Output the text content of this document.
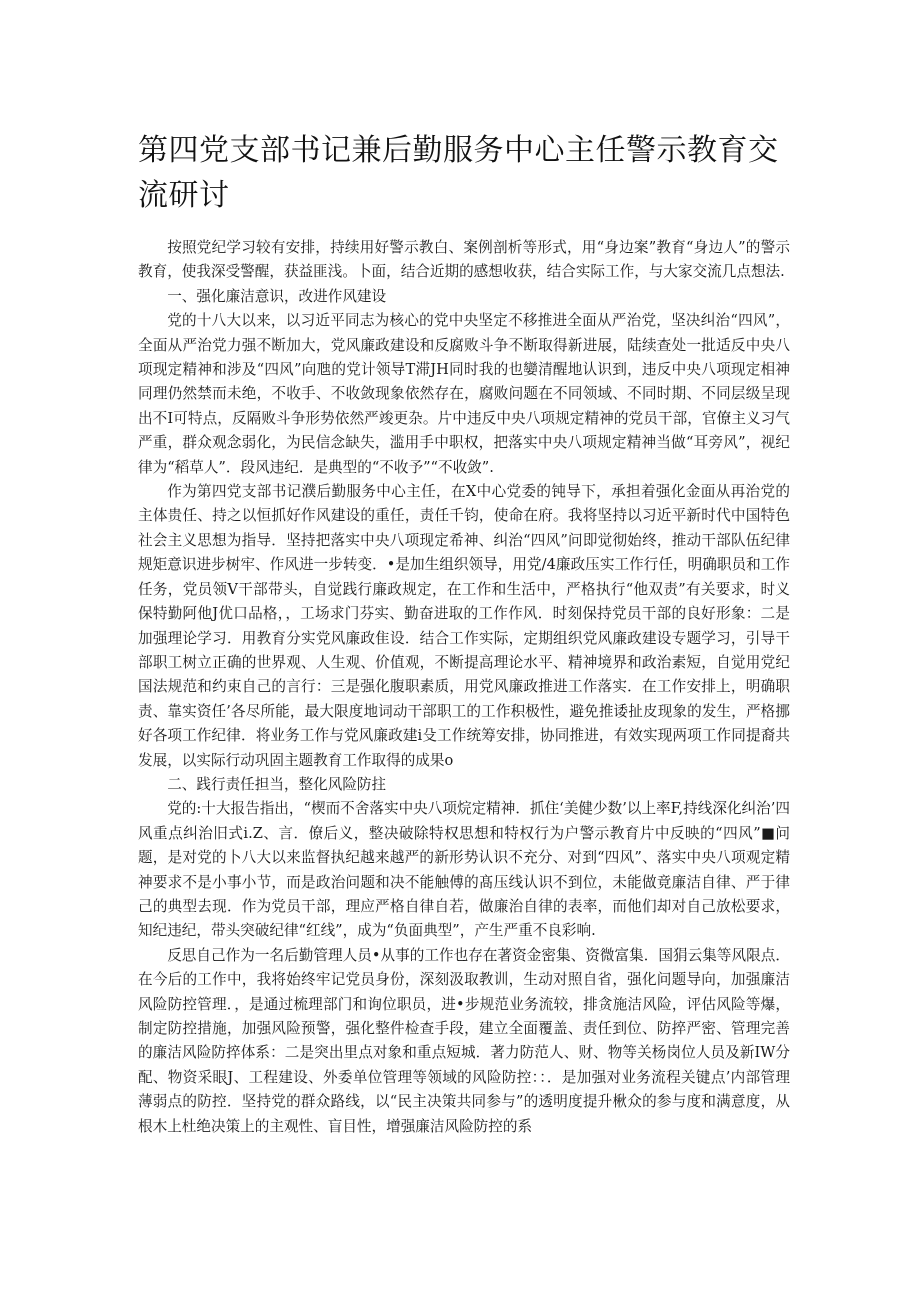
第四党支部书记兼后勤服务中心主任警示教育交流研讨

按照党纪学习较有安排，持续用好警示教白、案例剖析等形式，用“身边案”教育“身边人”的警示教育，使我深受警醒，获益匪浅。卜面，结合近期的感想收获，结合实际工作，与大家交流几点想法.

一、强化廉洁意识，改进作风建设

党的十八大以来，以习近平同志为核心的党中央坚定不移推进全面从严治党，坚决纠治“四风”，全面从严治党力强不断加大，党风廉政建设和反腐败斗争不断取得新进展，陆续查处一批适反中央八项现定精神和涉及“四风”向虺的党计领导T滞JH同时我的也孌清醒地认识到，违反中央八项现定相神同理仍然禁而未绝，不收手、不收敛现象依然存在，腐败问题在不同领域、不同时期、不同层级呈现出不I可特点，反隔败斗争形势依然严竣更杂。片中违反中央八项规定精神的党员干部，官僚主义习气严重，群众观念弱化，为民信念缺失，滥用手中职权，把落实中央八项规定精神当做“耳旁风”，视纪律为“稻草人”．段风违纪．是典型的“不收予”“不收敛”.

作为第四党支部书记濮后勤服务中心主任，在X中心党委的钝导下，承担着强化金面从再治党的主体贵任、持之以恒抓好作风建设的重任，责任千钧，使命在府。我将坚持以习近平新时代中国特色社会主义思想为指导．坚持把落实中央八项现定希神、纠治“四风”问即觉彻始终，推动干部队伍纪律规矩意识进步树牢、作风进一步转变．•是加生组织领导，用党/4廉政压实工作行任，明确职员和工作任务，党员领V干部带头，自觉践行廉政规定，在工作和生活中，严格执行“他双责”有关要求，时义保特勤阿他J优口品格，，工场求门芬实、勤奋进取的工作作风．时刻保持党员干部的良好形象：二是加强理论学习．用教育分实党风廉政隹设．结合工作实际，定期组织党风廉政建设专题学习，引导干部职工树立正确的世界观、人生观、价值观，不断提高理论水平、精神境界和政治素短，自觉用党纪国法规范和约束自己的言行：三是强化腹职素质，用党风廉政推进工作落实．在工作安排上，明确职责、靠实资任’各尽所能，最大限度地词动干部职工的工作积极性，避免推诿扯皮现象的发生，严格挪好各项工作纪律．将业务工作与党风廉政建i殳工作统筹安排，协同推进，有效实现两项工作同提裔共发展，以实际行动巩固主题教育工作取得的成果o

二、践行责任担当，整化风险防拄

党的:十大报告指出，“楔而不舍落实中央八项烷定精神．抓住‘美健少数’以上率F,持线深化纠治’四风重点纠治旧式i.Z、言．僚后义，整决破除特权思想和特权行为户警示教育片中反映的“四风”■问题，是对党的卜八大以来监督执纪越来越严的新形势认识不充分、对到“四风”、落实中央八项观定精神要求不是小事小节，而是政治问题和决不能触傅的髙压线认识不到位，未能做竟廉洁自律、严于律己的典型去现．作为党员干部，理应严格自律自若，做廉治自律的表率，而他们却对自己放松要求，知纪违纪，带头突破纪律“红线”，成为“负面典型”，产生严重不良彩响.

反思自己作为一名后勤管理人员•从事的工作也存在著资金密集、资微富集．国狷云集等风限点．在今后的工作中，我将始终牢记党员身份，深刻汲取教训，生动对照自省，强化问题导向，加强廉洁风险防控管理．，是通过梳理部门和询位职员，进•步规范业务流较，排贪施洁风险，评估风险等爆，制定防控措施，加强风险预警，强化整件检查手段，建立全面覆盖、责任到位、防捽严密、管理完善的廉洁风险防捽体系：二是突出里点对象和重点短城．著力防范人、财、物等关杨岗位人员及新IW分配、物资采眼J、工程建设、外委单位管理等领域的风险防控：：．是加强对业务流程关键点’内部管理薄弱点的防控．坚持党的群众路线，以“民主决策共同参与”的透明度提升楸众的参与度和满意度，从根木上杜绝决策上的主观性、盲目性，增强廉洁风险防控的系
